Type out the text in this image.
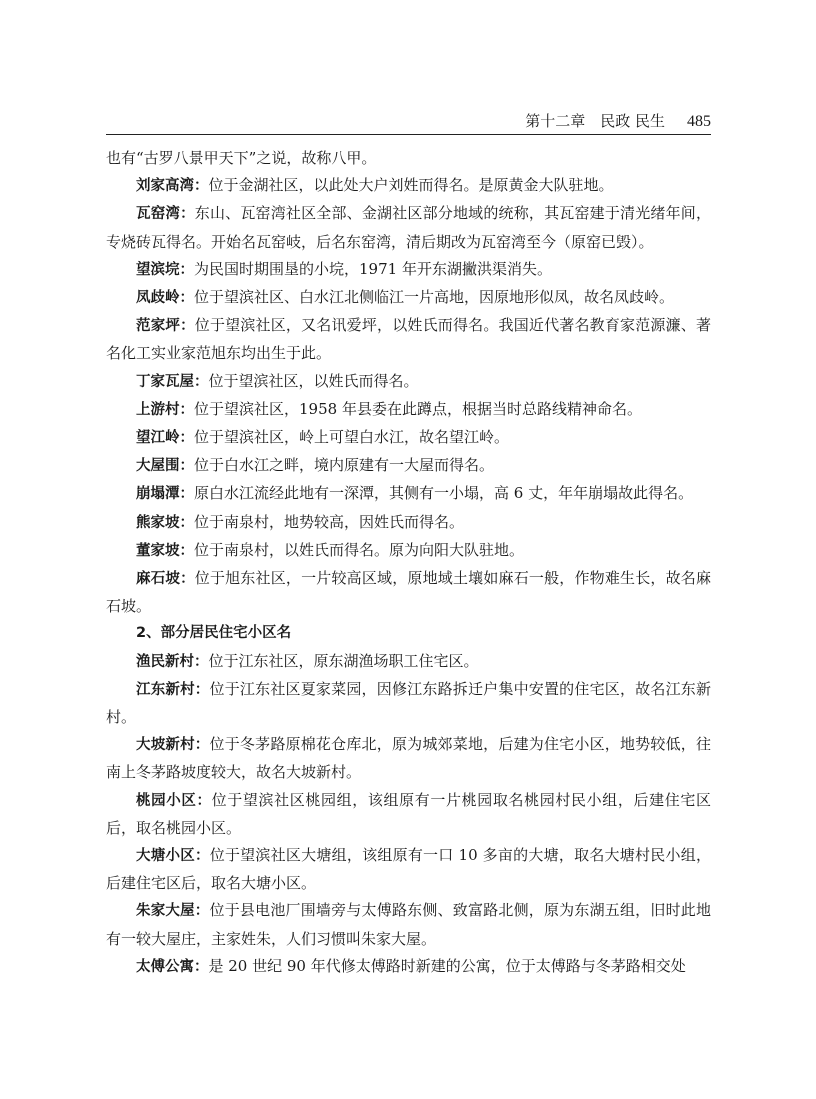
第十二章　民政 民生 485

也有“古罗八景甲天下”之说，故称八甲。

刘家高湾：位于金湖社区，以此处大户刘姓而得名。是原黄金大队驻地。

瓦窑湾：东山、瓦窑湾社区全部、金湖社区部分地域的统称，其瓦窑建于清光绪年间，专烧砖瓦得名。开始名瓦窑岐，后名东窑湾，清后期改为瓦窑湾至今（原窑已毁）。

望滨垸：为民国时期围垦的小垸，1971 年开东湖撇洪渠消失。

凤歧岭：位于望滨社区、白水江北侧临江一片高地，因原地形似凤，故名凤歧岭。

范家坪：位于望滨社区，又名讯爱坪，以姓氏而得名。我国近代著名教育家范源濂、著名化工实业家范旭东均出生于此。

丁家瓦屋：位于望滨社区，以姓氏而得名。

上游村：位于望滨社区，1958 年县委在此蹲点，根据当时总路线精神命名。

望江岭：位于望滨社区，岭上可望白水江，故名望江岭。

大屋围：位于白水江之畔，境内原建有一大屋而得名。

崩塌潭：原白水江流经此地有一深潭，其侧有一小塌，高 6 丈，年年崩塌故此得名。

熊家坡：位于南泉村，地势较高，因姓氏而得名。

董家坡：位于南泉村，以姓氏而得名。原为向阳大队驻地。

麻石坡：位于旭东社区，一片较高区域，原地域土壤如麻石一般，作物难生长，故名麻石坡。

2、部分居民住宅小区名

渔民新村：位于江东社区，原东湖渔场职工住宅区。

江东新村：位于江东社区夏家菜园，因修江东路拆迁户集中安置的住宅区，故名江东新村。

大坡新村：位于冬茅路原棉花仓库北，原为城郊菜地，后建为住宅小区，地势较低，往南上冬茅路坡度较大，故名大坡新村。

桃园小区：位于望滨社区桃园组，该组原有一片桃园取名桃园村民小组，后建住宅区后，取名桃园小区。

大塘小区：位于望滨社区大塘组，该组原有一口 10 多亩的大塘，取名大塘村民小组，后建住宅区后，取名大塘小区。

朱家大屋：位于县电池厂围墙旁与太傅路东侧、致富路北侧，原为东湖五组，旧时此地有一较大屋庄，主家姓朱，人们习惯叫朱家大屋。

太傅公寓：是 20 世纪 90 年代修太傅路时新建的公寓，位于太傅路与冬茅路相交处
